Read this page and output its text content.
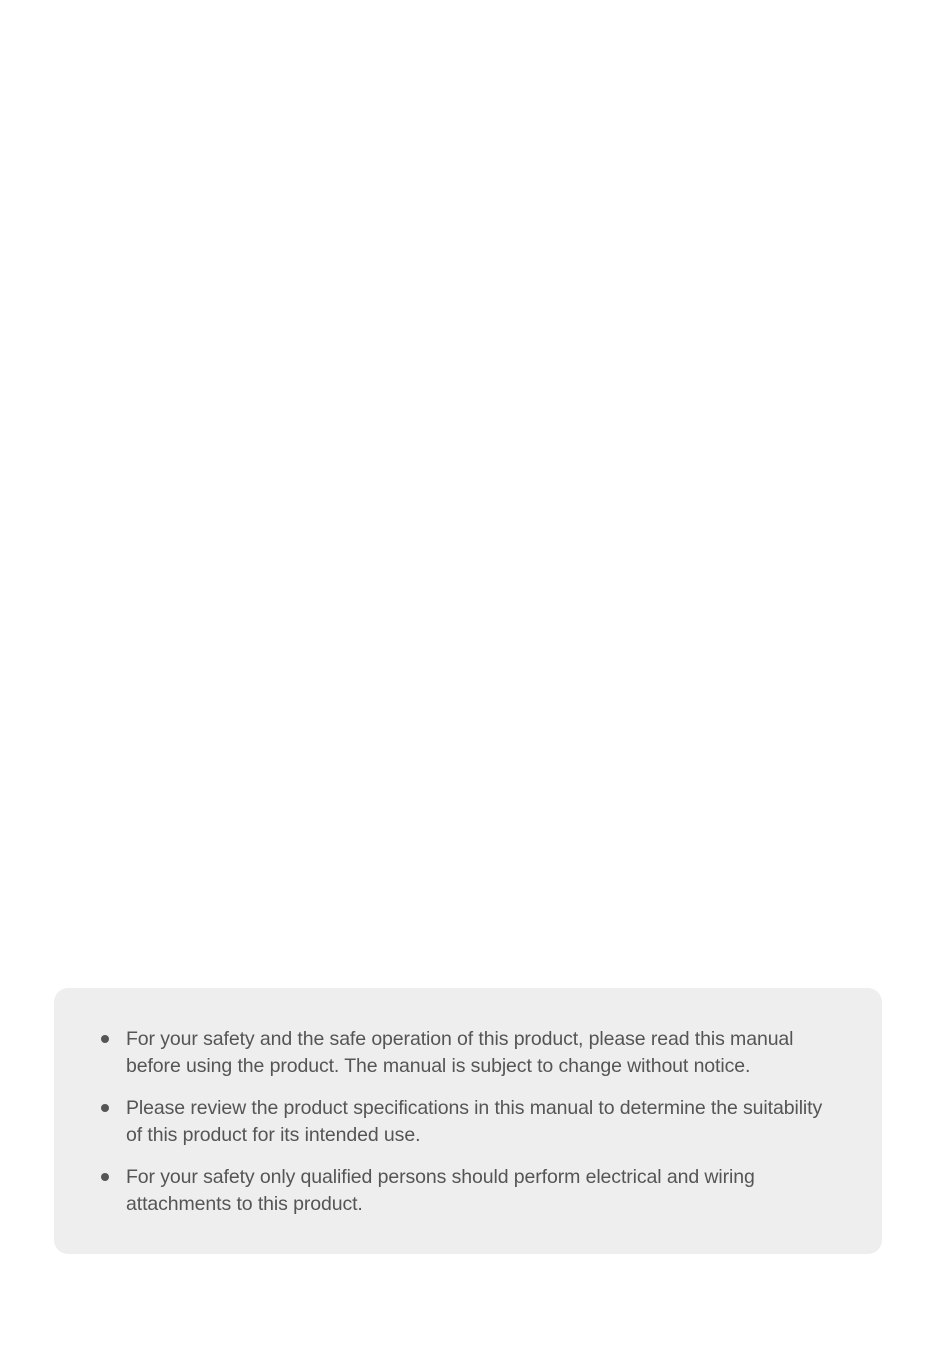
For your safety and the safe operation of this product, please read this manual before using the product. The manual is subject to change without notice.
Please review the product specifications in this manual to determine the suitability of this product for its intended use.
For your safety only qualified persons should perform electrical and wiring attachments to this product.
